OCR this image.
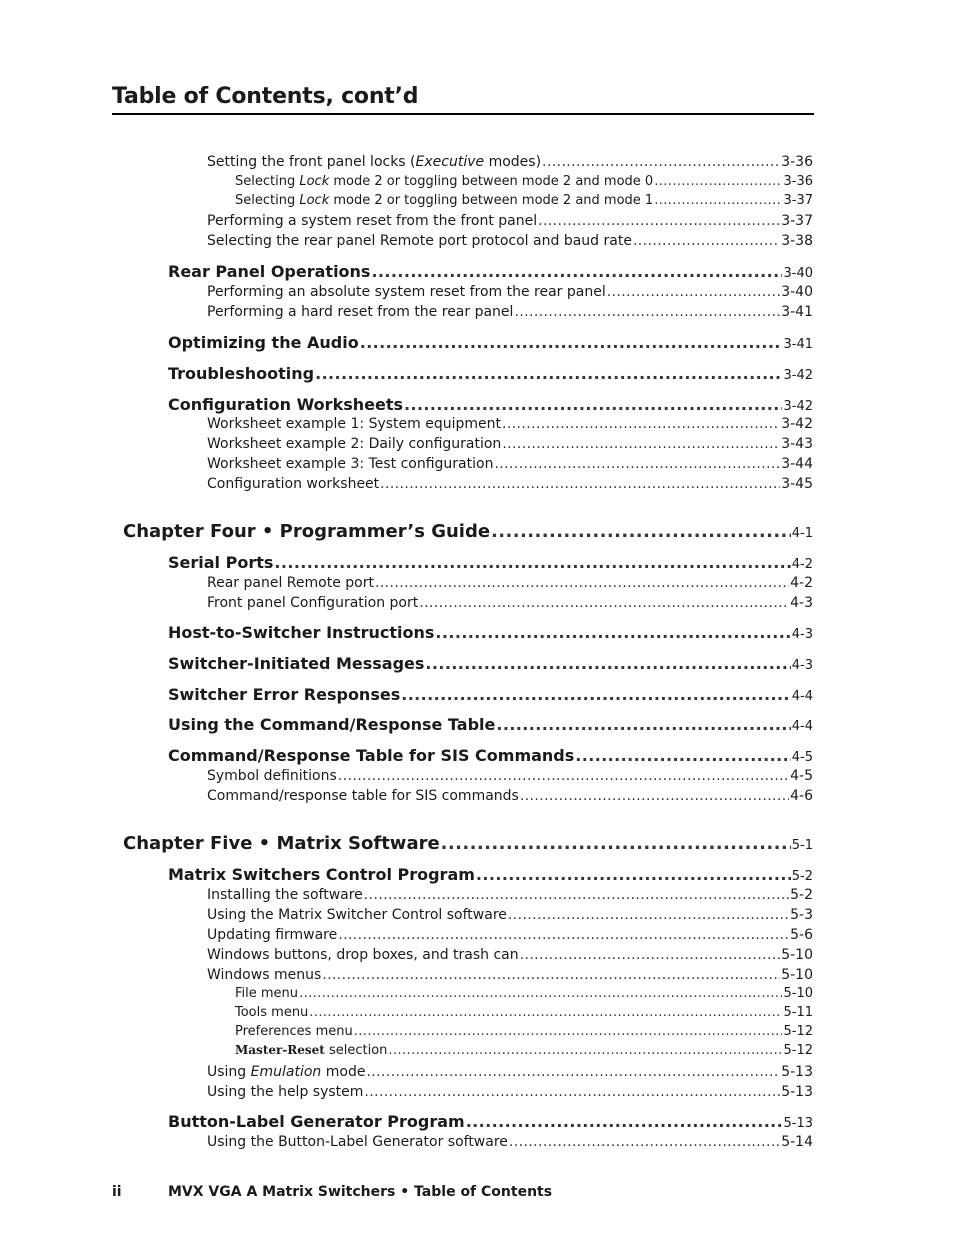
Table of Contents, cont’d
Setting the front panel locks (Executive modes) .....	3-36
Selecting Lock mode 2 or toggling between mode 2 and mode 0 .....	3-36
Selecting Lock mode 2 or toggling between mode 2 and mode 1 .....	3-37
Performing a system reset from the front panel .....	3-37
Selecting the rear panel Remote port protocol and baud rate .....	3-38
Rear Panel Operations .....	3-40
Performing an absolute system reset from the rear panel .....	3-40
Performing a hard reset from the rear panel .....	3-41
Optimizing the Audio .....	3-41
Troubleshooting .....	3-42
Configuration Worksheets .....	3-42
Worksheet example 1: System equipment .....	3-42
Worksheet example 2: Daily configuration .....	3-43
Worksheet example 3: Test configuration .....	3-44
Configuration worksheet .....	3-45
Chapter Four • Programmer’s Guide .....	4-1
Serial Ports .....	4-2
Rear panel Remote port .....	4-2
Front panel Configuration port .....	4-3
Host-to-Switcher Instructions .....	4-3
Switcher-Initiated Messages .....	4-3
Switcher Error Responses .....	4-4
Using the Command/Response Table .....	4-4
Command/Response Table for SIS Commands .....	4-5
Symbol definitions .....	4-5
Command/response table for SIS commands .....	4-6
Chapter Five • Matrix Software .....	5-1
Matrix Switchers Control Program .....	5-2
Installing the software .....	5-2
Using the Matrix Switcher Control software .....	5-3
Updating firmware .....	5-6
Windows buttons, drop boxes, and trash can .....	5-10
Windows menus .....	5-10
File menu .....	5-10
Tools menu .....	5-11
Preferences menu .....	5-12
Master-Reset selection .....	5-12
Using Emulation mode .....	5-13
Using the help system .....	5-13
Button-Label Generator Program .....	5-13
Using the Button-Label Generator software .....	5-14
ii	MVX VGA A Matrix Switchers • Table of Contents
